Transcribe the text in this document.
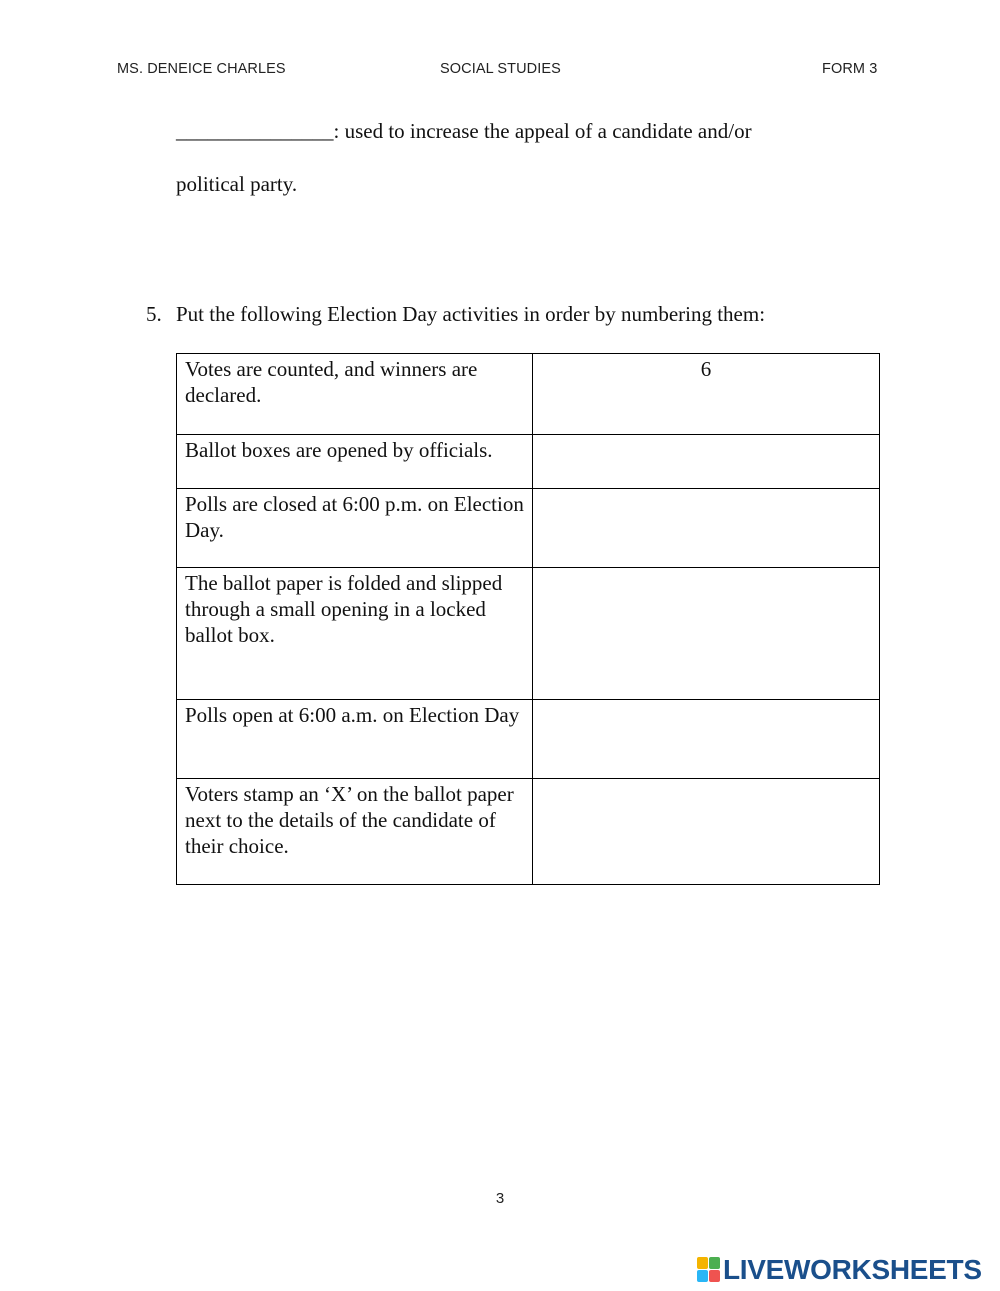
MS. DENEICE CHARLES	SOCIAL STUDIES	FORM 3
_______________: used to increase the appeal of a candidate and/or
political party.
5. Put the following Election Day activities in order by numbering them:
Votes are counted, and winners are declared.	6
Ballot boxes are opened by officials.	
Polls are closed at 6:00 p.m. on Election Day.	
The ballot paper is folded and slipped through a small opening in a locked ballot box.	
Polls open at 6:00 a.m. on Election Day	
Voters stamp an ‘X’ on the ballot paper next to the details of the candidate of their choice.	
3
LIVEWORKSHEETS
